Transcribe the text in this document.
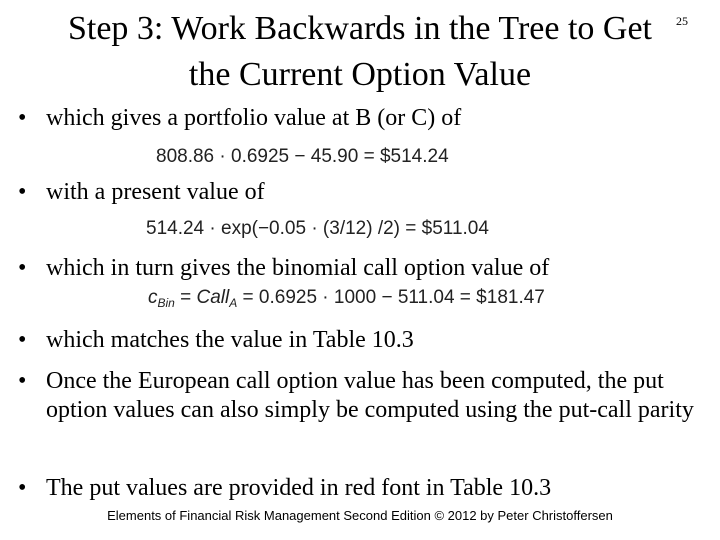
Step 3: Work Backwards in the Tree to Get
the Current Option Value
25
• which gives a portfolio value at B (or C) of
808.86 · 0.6925 − 45.90 = $514.24
• with a present value of
514.24 · exp(−0.05 · (3/12) /2) = $511.04
• which in turn gives the binomial call option value of
$c_{Bin}$ = Call$_A$ = 0.6925 · 1000 − 511.04 = $181.47
• which matches the value in Table 10.3
• Once the European call option value has been computed, the put option values can also simply be computed using the put-call parity
• The put values are provided in red font in Table 10.3
Elements of Financial Risk Management Second Edition © 2012 by Peter Christoffersen
